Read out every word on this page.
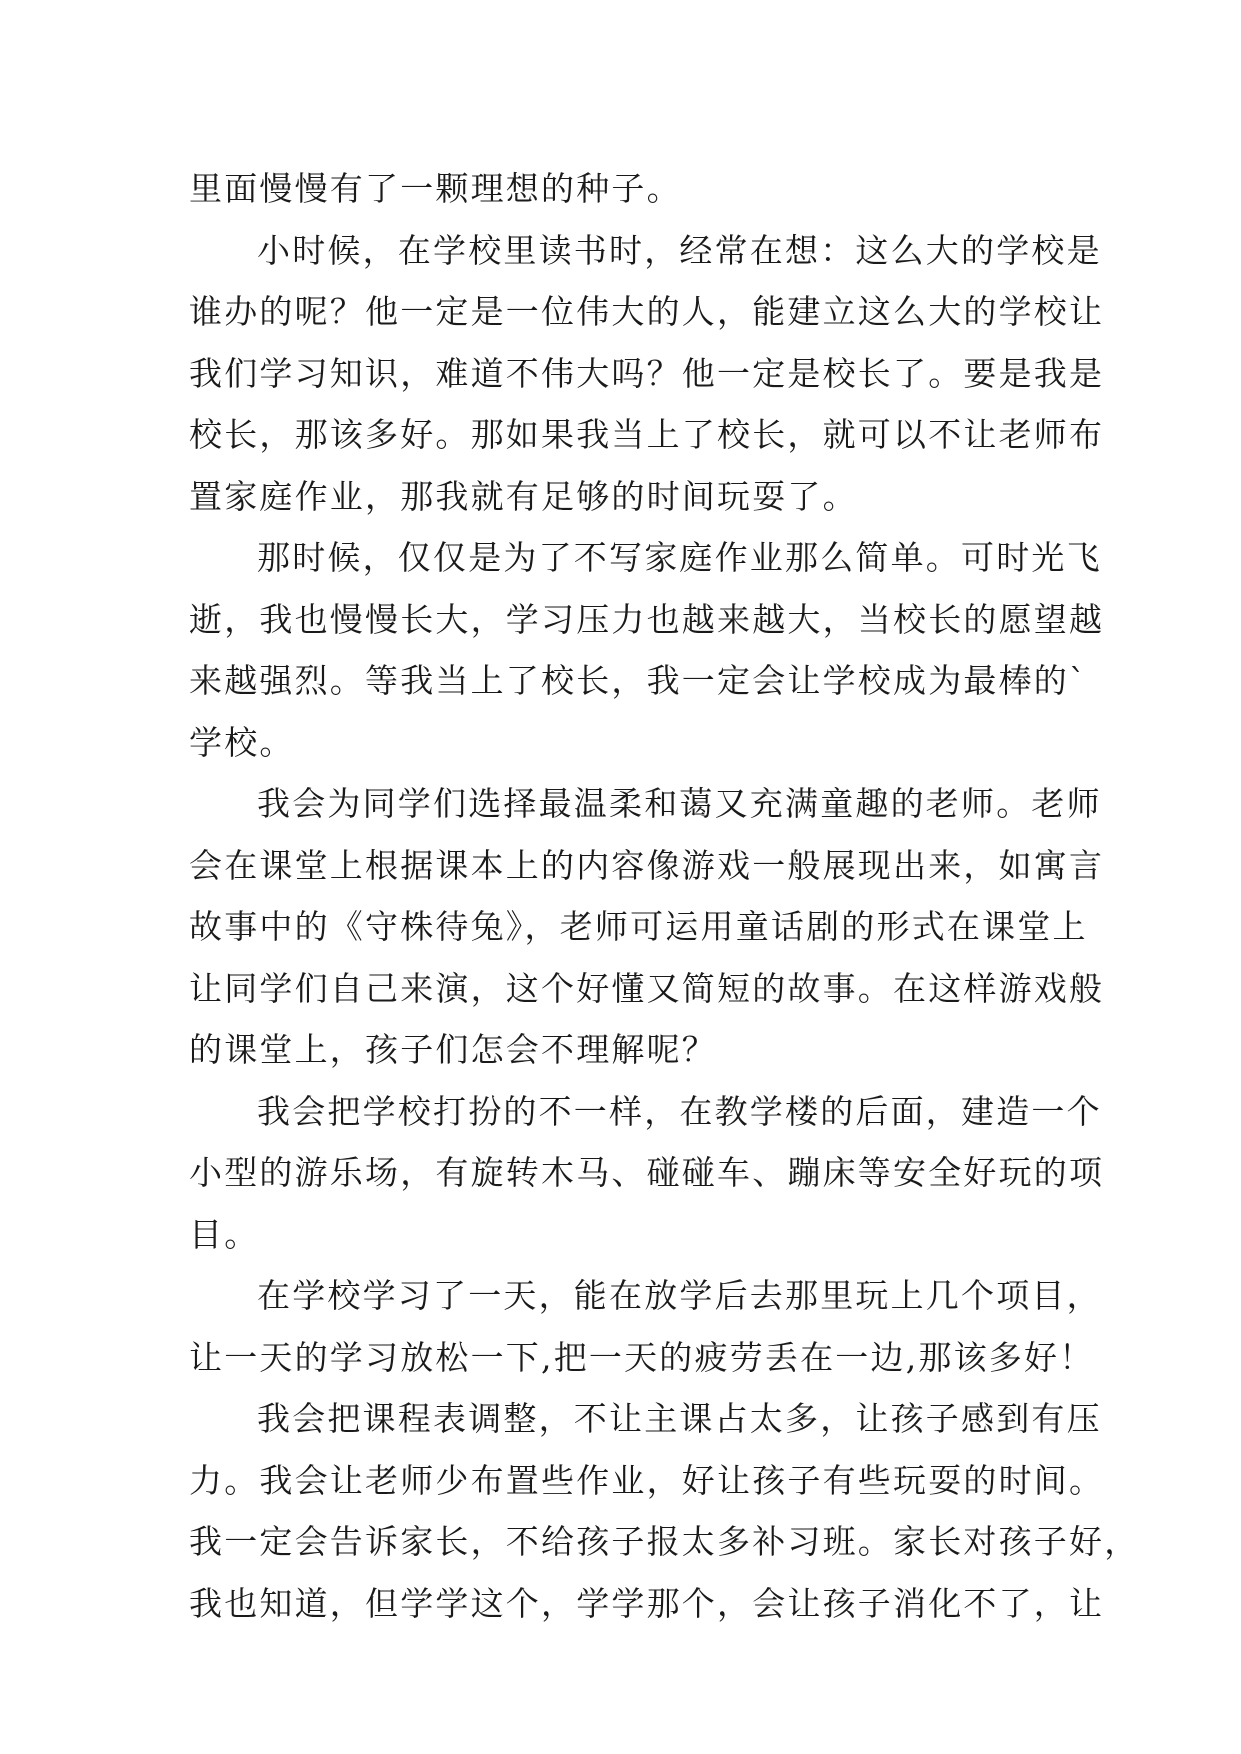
里面慢慢有了一颗理想的种子。
小时候，在学校里读书时，经常在想：这么大的学校是
谁办的呢？他一定是一位伟大的人，能建立这么大的学校让
我们学习知识，难道不伟大吗？他一定是校长了。要是我是
校长，那该多好。那如果我当上了校长，就可以不让老师布
置家庭作业，那我就有足够的时间玩耍了。
那时候，仅仅是为了不写家庭作业那么简单。可时光飞
逝，我也慢慢长大，学习压力也越来越大，当校长的愿望越
来越强烈。等我当上了校长，我一定会让学校成为最棒的`
学校。
我会为同学们选择最温柔和蔼又充满童趣的老师。老师
会在课堂上根据课本上的内容像游戏一般展现出来，如寓言
故事中的《守株待兔》，老师可运用童话剧的形式在课堂上
让同学们自己来演，这个好懂又简短的故事。在这样游戏般
的课堂上，孩子们怎会不理解呢？
我会把学校打扮的不一样，在教学楼的后面，建造一个
小型的游乐场，有旋转木马、碰碰车、蹦床等安全好玩的项
目。
在学校学习了一天，能在放学后去那里玩上几个项目，
让一天的学习放松一下,把一天的疲劳丢在一边,那该多好！
我会把课程表调整，不让主课占太多，让孩子感到有压
力。我会让老师少布置些作业，好让孩子有些玩耍的时间。
我一定会告诉家长，不给孩子报太多补习班。家长对孩子好，
我也知道，但学学这个，学学那个，会让孩子消化不了，让
